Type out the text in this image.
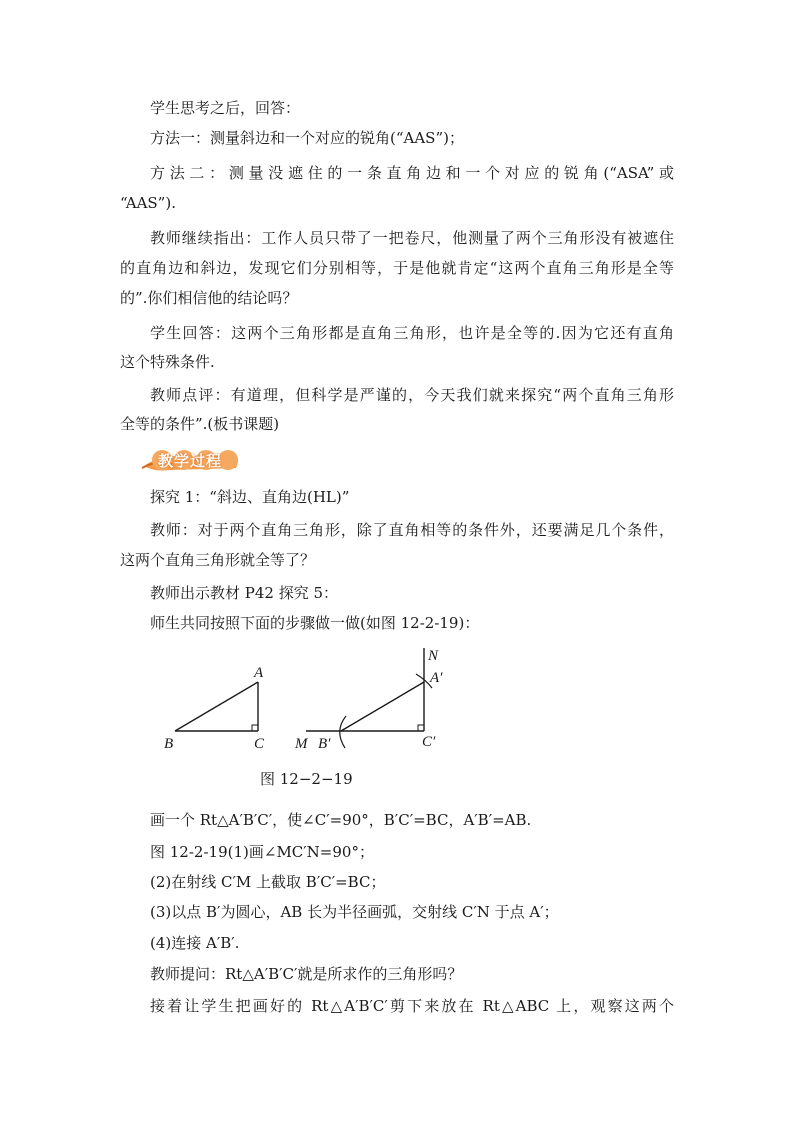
学生思考之后，回答：
方法一：测量斜边和一个对应的锐角(“AAS”)；
方法二：测量没遮住的一条直角边和一个对应的锐角(“ASA”或
“AAS”).
教师继续指出：工作人员只带了一把卷尺，他测量了两个三角形没有被遮住
的直角边和斜边，发现它们分别相等，于是他就肯定“这两个直角三角形是全等
的”.你们相信他的结论吗？
学生回答：这两个三角形都是直角三角形，也许是全等的.因为它还有直角
这个特殊条件.
教师点评：有道理，但科学是严谨的，今天我们就来探究“两个直角三角形
全等的条件”.(板书课题)
教学过程
探究 1：“斜边、直角边(HL)”
教师：对于两个直角三角形，除了直角相等的条件外，还要满足几个条件，
这两个直角三角形就全等了？
教师出示教材 P42 探究 5：
师生共同按照下面的步骤做一做(如图 12-2-19)：
A
B	C
N
A′
M B′	C′
图 12−2−19
画一个 Rt△A′B′C′，使∠C′=90°，B′C′=BC，A′B′=AB.
图 12-2-19(1)画∠MC′N=90°；
(2)在射线 C′M 上截取 B′C′=BC；
(3)以点 B′为圆心，AB 长为半径画弧，交射线 C′N 于点 A′；
(4)连接 A′B′.
教师提问：Rt△A′B′C′就是所求作的三角形吗？
接着让学生把画好的 Rt△A′B′C′剪下来放在 Rt△ABC 上，观察这两个
